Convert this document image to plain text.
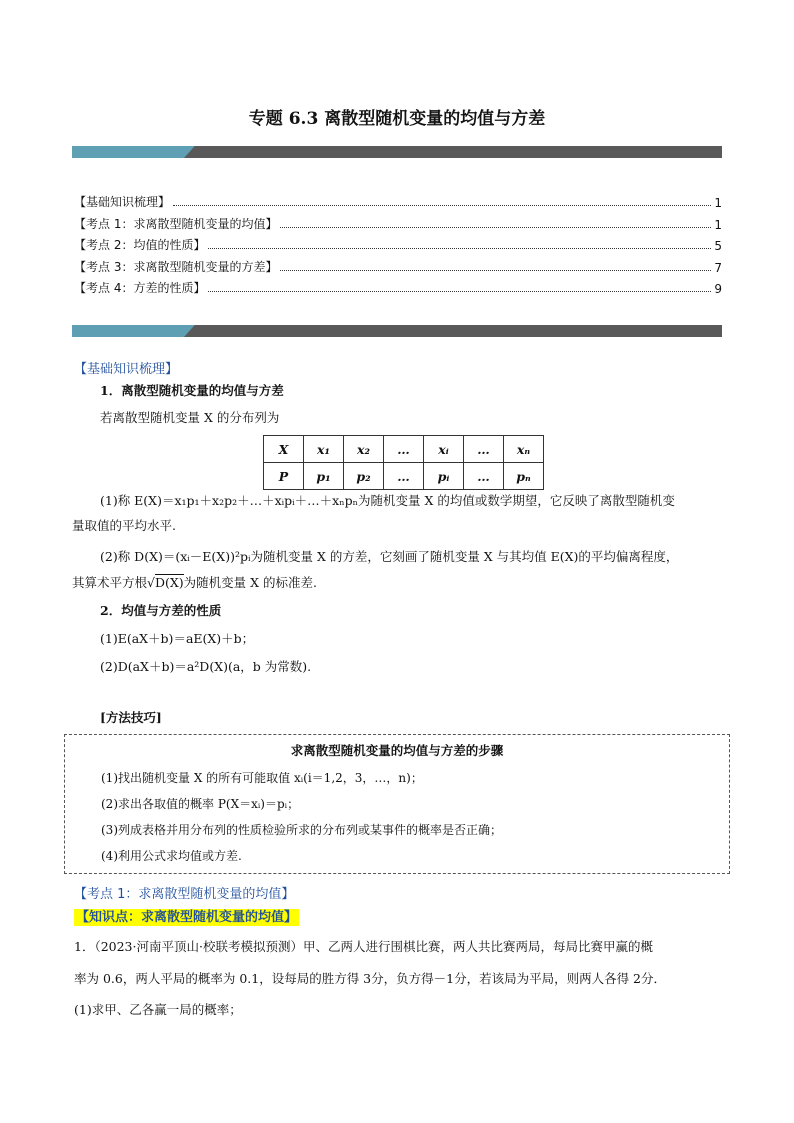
专题 6.3 离散型随机变量的均值与方差
【基础知识梳理】	1
【考点 1：求离散型随机变量的均值】	1
【考点 2：均值的性质】	5
【考点 3：求离散型随机变量的方差】	7
【考点 4：方差的性质】	9
【基础知识梳理】
1．离散型随机变量的均值与方差
若离散型随机变量 X 的分布列为
X	x₁	x₂	…	xᵢ	…	xₙ
P	p₁	p₂	…	pᵢ	…	pₙ
(1)称 E(X)＝x₁p₁＋x₂p₂＋…＋xᵢpᵢ＋…＋xₙpₙ为随机变量 X 的均值或数学期望，它反映了离散型随机变
量取值的平均水平.
(2)称 D(X)＝(xᵢ－E(X))²pᵢ为随机变量 X 的方差，它刻画了随机变量 X 与其均值 E(X)的平均偏离程度，
其算术平方根√D(X)为随机变量 X 的标准差.
2．均值与方差的性质
(1)E(aX＋b)＝aE(X)＋b；
(2)D(aX＋b)＝a²D(X)(a，b 为常数).
[方法技巧]
求离散型随机变量的均值与方差的步骤
(1)找出随机变量 X 的所有可能取值 xᵢ(i＝1,2，3，…，n)；
(2)求出各取值的概率 P(X＝xᵢ)＝pᵢ；
(3)列成表格并用分布列的性质检验所求的分布列或某事件的概率是否正确；
(4)利用公式求均值或方差.
【考点 1：求离散型随机变量的均值】
【知识点：求离散型随机变量的均值】
1．（2023·河南平顶山·校联考模拟预测）甲、乙两人进行围棋比赛，两人共比赛两局，每局比赛甲赢的概
率为 0.6，两人平局的概率为 0.1，设每局的胜方得 3分，负方得－1分，若该局为平局，则两人各得 2分．
(1)求甲、乙各赢一局的概率；
